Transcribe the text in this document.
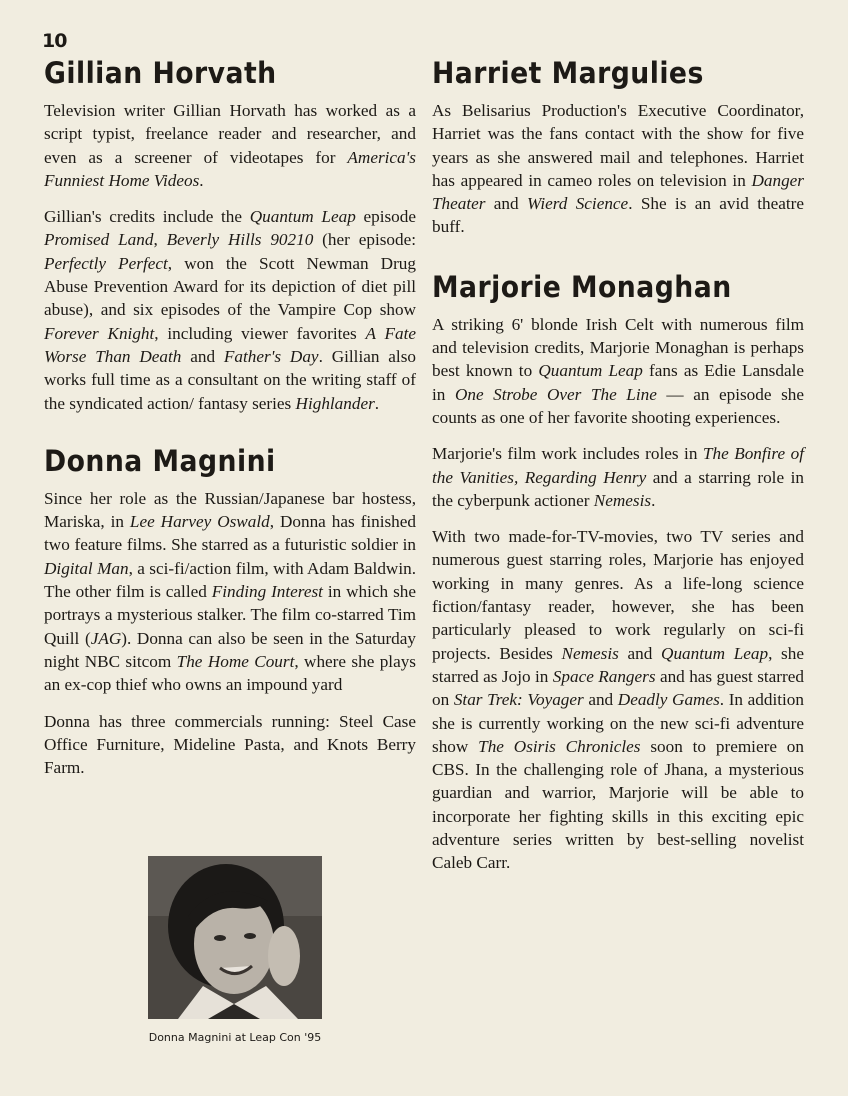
10
Gillian Horvath

Television writer Gillian Horvath has worked as a script typist, freelance reader and researcher, and even as a screener of videotapes for America's Funniest Home Videos.

Gillian's credits include the Quantum Leap episode Promised Land, Beverly Hills 90210 (her episode: Perfectly Perfect, won the Scott Newman Drug Abuse Prevention Award for its depiction of diet pill abuse), and six episodes of the Vampire Cop show Forever Knight, including viewer favorites A Fate Worse Than Death and Father's Day. Gillian also works full time as a consultant on the writing staff of the syndicated action/ fantasy series Highlander.

Donna Magnini

Since her role as the Russian/Japanese bar hostess, Mariska, in Lee Harvey Oswald, Donna has finished two feature films. She starred as a futuristic soldier in Digital Man, a sci-fi/action film, with Adam Baldwin. The other film is called Finding Interest in which she portrays a mysterious stalker. The film co-starred Tim Quill (JAG). Donna can also be seen in the Saturday night NBC sitcom The Home Court, where she plays an ex-cop thief who owns an impound yard

Donna has three commercials running: Steel Case Office Furniture, Mideline Pasta, and Knots Berry Farm.

Donna Magnini at Leap Con '95
Harriet Margulies

As Belisarius Production's Executive Coordinator, Harriet was the fans contact with the show for five years as she answered mail and telephones. Harriet has appeared in cameo roles on television in Danger Theater and Wierd Science. She is an avid theatre buff.

Marjorie Monaghan

A striking 6' blonde Irish Celt with numerous film and television credits, Marjorie Monaghan is perhaps best known to Quantum Leap fans as Edie Lansdale in One Strobe Over The Line — an episode she counts as one of her favorite shooting experiences.

Marjorie's film work includes roles in The Bonfire of the Vanities, Regarding Henry and a starring role in the cyberpunk actioner Nemesis.

With two made-for-TV-movies, two TV series and numerous guest starring roles, Marjorie has enjoyed working in many genres. As a life-long science fiction/fantasy reader, however, she has been particularly pleased to work regularly on sci-fi projects. Besides Nemesis and Quantum Leap, she starred as Jojo in Space Rangers and has guest starred on Star Trek: Voyager and Deadly Games. In addition she is currently working on the new sci-fi adventure show The Osiris Chronicles soon to premiere on CBS. In the challenging role of Jhana, a mysterious guardian and warrior, Marjorie will be able to incorporate her fighting skills in this exciting epic adventure series written by best-selling novelist Caleb Carr.
